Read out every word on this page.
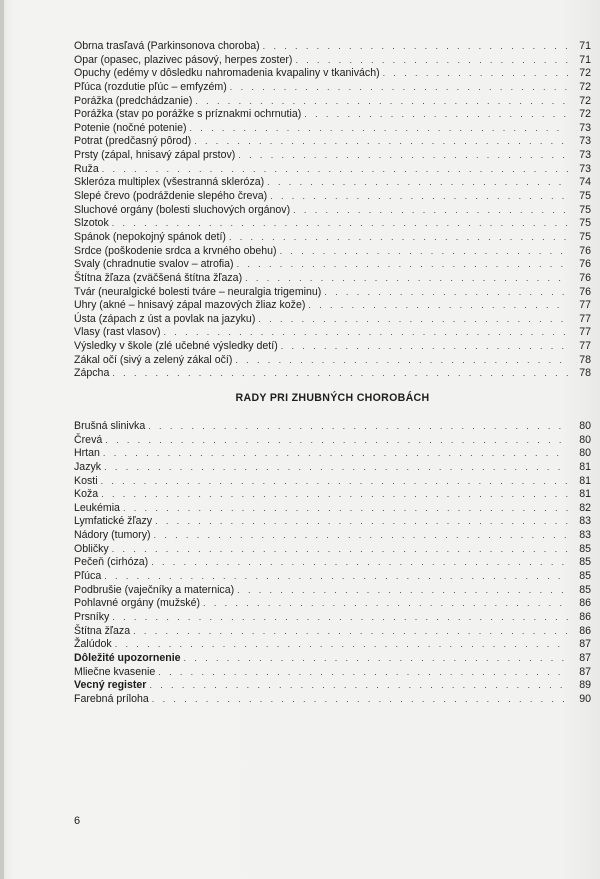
Obrna trasľavá (Parkinsonova choroba) . . .	71
Opar (opasec, plazivec pásový, herpes zoster) . . .	71
Opuchy (edémy v dôsledku nahromadenia kvapaliny v tkanivách) . . .	72
Pľúca (rozdutie pľúc – emfyzém) . . .	72
Porážka (predchádzanie) . . .	72
Porážka (stav po porážke s príznakmi ochrnutia) . . .	72
Potenie (nočné potenie) . . .	73
Potrat (predčasný pôrod) . . .	73
Prsty (zápal, hnisavý zápal prstov) . . .	73
Ruža . . .	73
Skleróza multiplex (všestranná skleróza) . . .	74
Slepé črevo (podráždenie slepého čreva) . . .	75
Sluchové orgány (bolesti sluchových orgánov) . . .	75
Slzotok . . .	75
Spánok (nepokojný spánok detí) . . .	75
Srdce (poškodenie srdca a krvného obehu) . . .	76
Svaly (chradnutie svalov – atrofia) . . .	76
Štítna žľaza (zväčšená štítna žľaza) . . .	76
Tvár (neuralgické bolesti tváre – neuralgia trigeminu) . . .	76
Uhry (akné – hnisavý zápal mazových žliaz kože) . . .	77
Ústa (zápach z úst a povlak na jazyku) . . .	77
Vlasy (rast vlasov) . . .	77
Výsledky v škole (zlé učebné výsledky detí) . . .	77
Zákal očí (sivý a zelený zákal očí) . . .	78
Zápcha . . .	78
RADY PRI ZHUBNÝCH CHOROBÁCH
Brušná slinivka . . .	80
Črevá . . .	80
Hrtan . . .	80
Jazyk . . .	81
Kosti . . .	81
Koža . . .	81
Leukémia . . .	82
Lymfatické žľazy . . .	83
Nádory (tumory) . . .	83
Obličky . . .	85
Pečeň (cirhóza) . . .	85
Pľúca . . .	85
Podbrušie (vaječníky a maternica) . . .	85
Pohlavné orgány (mužské) . . .	86
Prsníky . . .	86
Štítna žľaza . . .	86
Žalúdok . . .	87
Dôležité upozornenie . . .	87
Mliečne kvasenie . . .	87
Vecný register . . .	89
Farebná príloha . . .	90
6
